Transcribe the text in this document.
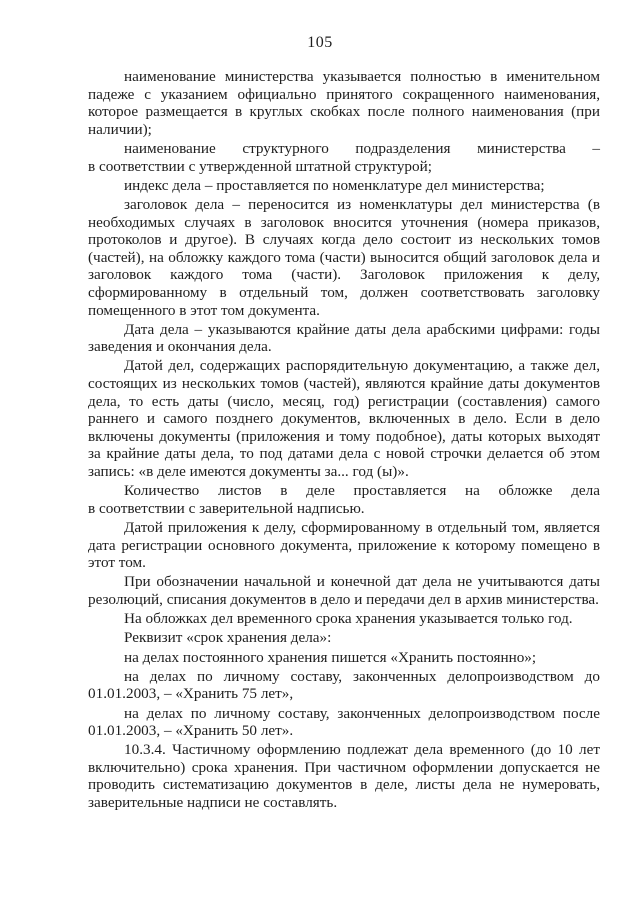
105

наименование министерства указывается полностью в именительном падеже с указанием официально принятого сокращенного наименования, которое размещается в круглых скобках после полного наименования (при наличии);

наименование структурного подразделения министерства –

в соответствии с утвержденной штатной структурой;

индекс дела – проставляется по номенклатуре дел министерства;

заголовок дела – переносится из номенклатуры дел министерства (в необходимых случаях в заголовок вносится уточнения (номера приказов, протоколов и другое). В случаях когда дело состоит из нескольких томов (частей), на обложку каждого тома (части) выносится общий заголовок дела и заголовок каждого тома (части). Заголовок приложения к делу, сформированному в отдельный том, должен соответствовать заголовку помещенного в этот том документа.

Дата дела – указываются крайние даты дела арабскими цифрами: годы заведения и окончания дела.

Датой дел, содержащих распорядительную документацию, а также дел, состоящих из нескольких томов (частей), являются крайние даты документов дела, то есть даты (число, месяц, год) регистрации (составления) самого раннего и самого позднего документов, включенных в дело. Если в дело включены документы (приложения и тому подобное), даты которых выходят за крайние даты дела, то под датами дела с новой строчки делается об этом запись: «в деле имеются документы за... год (ы)».

Количество листов в деле проставляется на обложке дела

в соответствии с заверительной надписью.

Датой приложения к делу, сформированному в отдельный том, является дата регистрации основного документа, приложение к которому помещено в этот том.

При обозначении начальной и конечной дат дела не учитываются даты резолюций, списания документов в дело и передачи дел в архив министерства.

На обложках дел временного срока хранения указывается только год.

Реквизит «срок хранения дела»:

на делах постоянного хранения пишется «Хранить постоянно»;

на делах по личному составу, законченных делопроизводством до 01.01.2003, – «Хранить 75 лет»,

на делах по личному составу, законченных делопроизводством после 01.01.2003, – «Хранить 50 лет».

10.3.4. Частичному оформлению подлежат дела временного (до 10 лет включительно) срока хранения. При частичном оформлении допускается не проводить систематизацию документов в деле, листы дела не нумеровать, заверительные надписи не составлять.
